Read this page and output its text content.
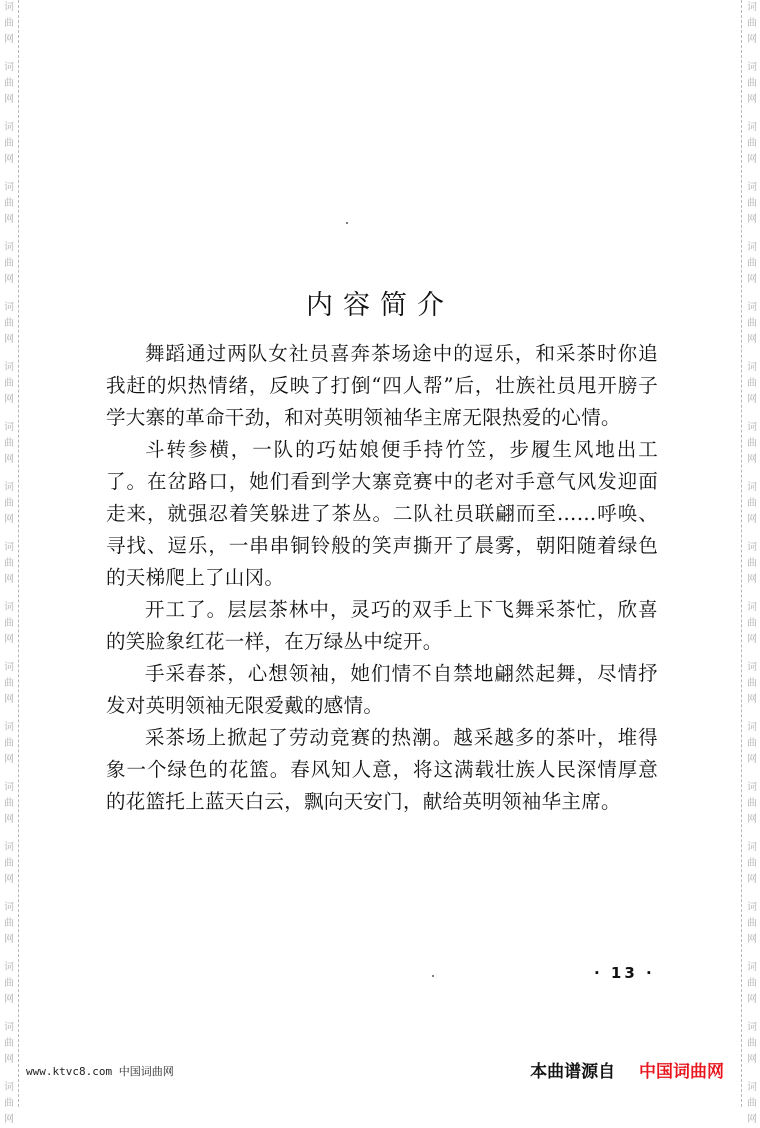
词
曲
网
词
曲
网
词
曲
网
词
曲
网
词
曲
网
词
曲
网
词
曲
网
词
曲
网
词
曲
网
词
曲
网
词
曲
网
词
曲
网
词
曲
网
词
曲
网
词
曲
网
词
曲
网
词
曲
网
词
曲
网
词
曲
网
词
曲
网
词
曲
网
词
曲
网
词
曲
网
词
曲
网
词
曲
网
词
曲
网
词
曲
网
词
曲
网
词
曲
网
词
曲
网
词
曲
网
词
曲
网
词
曲
网
词
曲
网
词
曲
网
词
曲
网
词
曲
网
词
曲
网
内容简介

舞蹈通过两队女社员喜奔茶场途中的逗乐，和采茶时你追我赶的炽热情绪，反映了打倒“四人帮”后，壮族社员甩开膀子学大寨的革命干劲，和对英明领袖华主席无限热爱的心情。

斗转参横，一队的巧姑娘便手持竹笠，步履生风地出工了。在岔路口，她们看到学大寨竞赛中的老对手意气风发迎面走来，就强忍着笑躲进了茶丛。二队社员联翩而至……呼唤、寻找、逗乐，一串串铜铃般的笑声撕开了晨雾，朝阳随着绿色的天梯爬上了山冈。

开工了。层层茶林中，灵巧的双手上下飞舞采茶忙，欣喜的笑脸象红花一样，在万绿丛中绽开。

手采春茶，心想领袖，她们情不自禁地翩然起舞，尽情抒发对英明领袖无限爱戴的感情。

采茶场上掀起了劳动竞赛的热潮。越采越多的茶叶，堆得象一个绿色的花篮。春风知人意，将这满载壮族人民深情厚意的花篮托上蓝天白云，飘向天安门，献给英明领袖华主席。

· 13 ·
www.ktvc8.com 中国词曲网	本曲谱源自 中国词曲网
